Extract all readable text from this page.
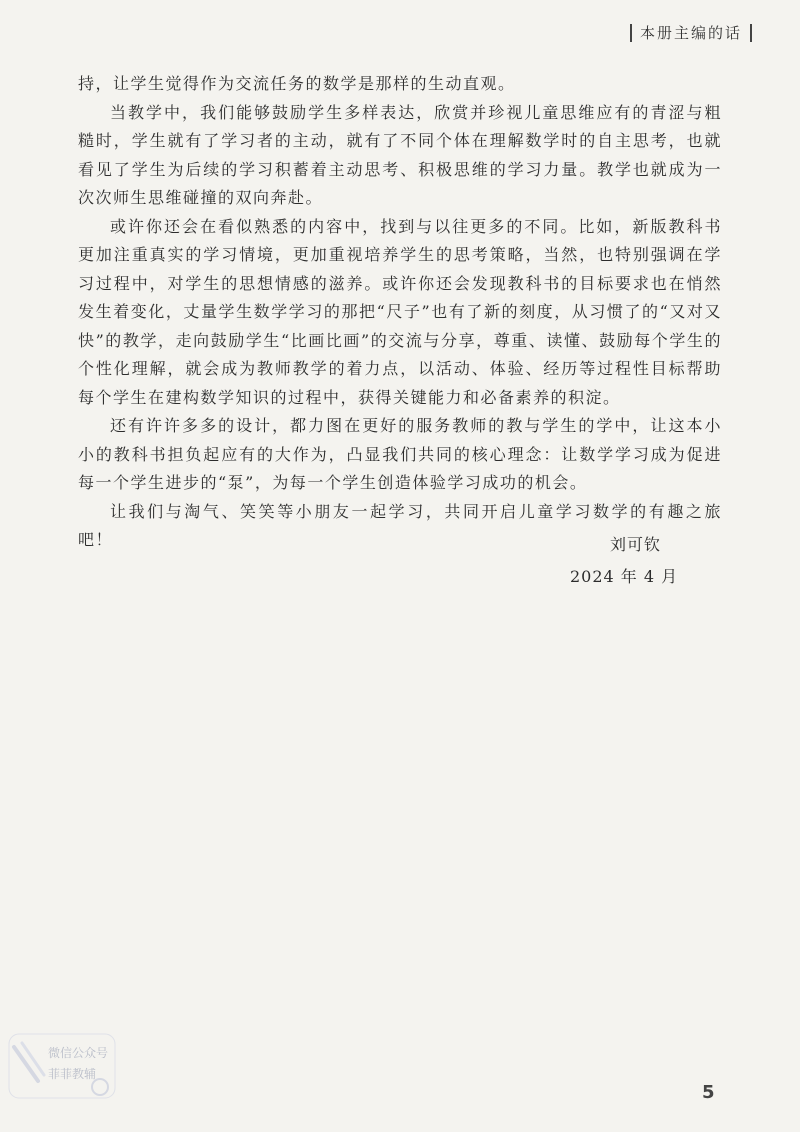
本册主编的话

持，让学生觉得作为交流任务的数学是那样的生动直观。

当教学中，我们能够鼓励学生多样表达，欣赏并珍视儿童思维应有的青涩与粗糙时，学生就有了学习者的主动，就有了不同个体在理解数学时的自主思考，也就看见了学生为后续的学习积蓄着主动思考、积极思维的学习力量。教学也就成为一次次师生思维碰撞的双向奔赴。

或许你还会在看似熟悉的内容中，找到与以往更多的不同。比如，新版教科书更加注重真实的学习情境，更加重视培养学生的思考策略，当然，也特别强调在学习过程中，对学生的思想情感的滋养。或许你还会发现教科书的目标要求也在悄然发生着变化，丈量学生数学学习的那把“尺子”也有了新的刻度，从习惯了的“又对又快”的教学，走向鼓励学生“比画比画”的交流与分享，尊重、读懂、鼓励每个学生的个性化理解，就会成为教师教学的着力点，以活动、体验、经历等过程性目标帮助每个学生在建构数学知识的过程中，获得关键能力和必备素养的积淀。

还有许许多多的设计，都力图在更好的服务教师的教与学生的学中，让这本小小的教科书担负起应有的大作为，凸显我们共同的核心理念：让数学学习成为促进每一个学生进步的“泵”，为每一个学生创造体验学习成功的机会。

让我们与淘气、笑笑等小朋友一起学习，共同开启儿童学习数学的有趣之旅吧！	刘可钦
2024 年 4 月
微信公众号
菲菲教辅
5
